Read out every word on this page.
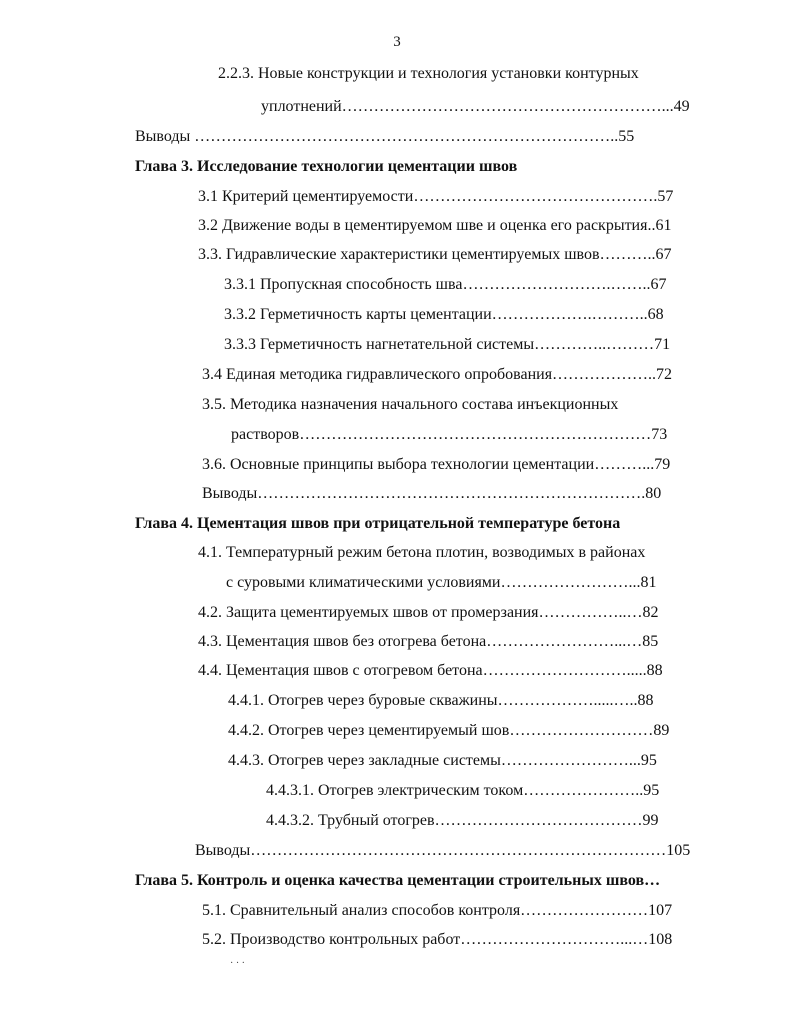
3
2.2.3. Новые конструкции и технология установки контурных
уплотнений……………………………………………………...49
Выводы ……………………………………………………………………..55
Глава 3. Исследование технологии цементации швов
3.1 Критерий цементируемости……………………………………….57
3.2 Движение воды в цементируемом шве и оценка его раскрытия..61
3.3. Гидравлические характеристики цементируемых швов………..67
3.3.1 Пропускная способность шва……………………….……..67
3.3.2 Герметичность карты цементации……………….………..68
3.3.3 Герметичность нагнетательной системы…………..………71
3.4 Единая методика гидравлического опробования………………..72
3.5. Методика назначения начального состава инъекционных
растворов…………………………………………………………73
3.6. Основные принципы выбора технологии цементации………...79
Выводы……………………………………………………………….80
Глава 4. Цементация швов при отрицательной температуре бетона
4.1. Температурный режим бетона плотин, возводимых в районах
с суровыми климатическими условиями……………………...81
4.2. Защита цементируемых швов от промерзания……………..…82
4.3. Цементация швов без отогрева бетона……………………...…85
4.4. Цементация швов с отогревом бетона……………………….....88
4.4.1. Отогрев через буровые скважины……………….....…..88
4.4.2. Отогрев через цементируемый шов………………………89
4.4.3. Отогрев через закладные системы……………………...95
4.4.3.1. Отогрев электрическим током…………………..95
4.4.3.2. Трубный отогрев…………………………………99
Выводы……………………………………………………………………105
Глава 5. Контроль и оценка качества цементации строительных швов…
5.1. Сравнительный анализ способов контроля……………………107
5.2. Производство контрольных работ…………………………...…108
· · ·
